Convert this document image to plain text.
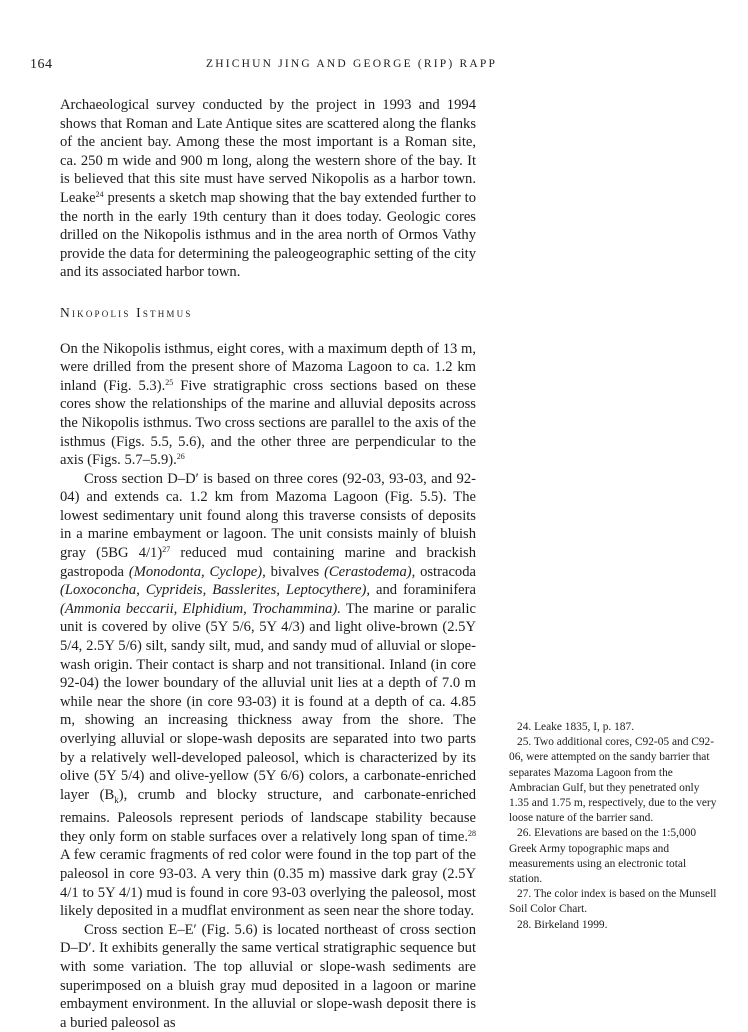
164	ZHICHUN JING AND GEORGE (RIP) RAPP

Archaeological survey conducted by the project in 1993 and 1994 shows that Roman and Late Antique sites are scattered along the flanks of the ancient bay. Among these the most important is a Roman site, ca. 250 m wide and 900 m long, along the western shore of the bay. It is believed that this site must have served Nikopolis as a harbor town. Leake$^{24}$ presents a sketch map showing that the bay extended further to the north in the early 19th century than it does today. Geologic cores drilled on the Nikopolis isthmus and in the area north of Ormos Vathy provide the data for determining the paleogeographic setting of the city and its associated harbor town.

Nikopolis Isthmus

On the Nikopolis isthmus, eight cores, with a maximum depth of 13 m, were drilled from the present shore of Mazoma Lagoon to ca. 1.2 km inland (Fig. 5.3).$^{25}$ Five stratigraphic cross sections based on these cores show the relationships of the marine and alluvial deposits across the Nikopolis isthmus. Two cross sections are parallel to the axis of the isthmus (Figs. 5.5, 5.6), and the other three are perpendicular to the axis (Figs. 5.7–5.9).$^{26}$

Cross section D–D′ is based on three cores (92-03, 93-03, and 92-04) and extends ca. 1.2 km from Mazoma Lagoon (Fig. 5.5). The lowest sedimentary unit found along this traverse consists of deposits in a marine embayment or lagoon. The unit consists mainly of bluish gray (5BG 4/1)$^{27}$ reduced mud containing marine and brackish gastropoda (Monodonta, Cyclope), bivalves (Cerastodema), ostracoda (Loxoconcha, Cyprideis, Basslerites, Leptocythere), and foraminifera (Ammonia beccarii, Elphidium, Trochammina). The marine or paralic unit is covered by olive (5Y 5/6, 5Y 4/3) and light olive-brown (2.5Y 5/4, 2.5Y 5/6) silt, sandy silt, mud, and sandy mud of alluvial or slope-wash origin. Their contact is sharp and not transitional. Inland (in core 92-04) the lower boundary of the alluvial unit lies at a depth of 7.0 m while near the shore (in core 93-03) it is found at a depth of ca. 4.85 m, showing an increasing thickness away from the shore. The overlying alluvial or slope-wash deposits are separated into two parts by a relatively well-developed paleosol, which is characterized by its olive (5Y 5/4) and olive-yellow (5Y 6/6) colors, a carbonate-enriched layer $(B_k)$, crumb and blocky structure, and carbonate-enriched remains. Paleosols represent periods of landscape stability because they only form on stable surfaces over a relatively long span of time.$^{28}$ A few ceramic fragments of red color were found in the top part of the paleosol in core 93-03. A very thin (0.35 m) massive dark gray (2.5Y 4/1 to 5Y 4/1) mud is found in core 93-03 overlying the paleosol, most likely deposited in a mudflat environment as seen near the shore today.

Cross section E–E′ (Fig. 5.6) is located northeast of cross section D–D′. It exhibits generally the same vertical stratigraphic sequence but with some variation. The top alluvial or slope-wash sediments are superimposed on a bluish gray mud deposited in a lagoon or marine embayment environment. In the alluvial or slope-wash deposit there is a buried paleosol as

24. Leake 1835, I, p. 187.

25. Two additional cores, C92-05 and C92-06, were attempted on the sandy barrier that separates Mazoma Lagoon from the Ambracian Gulf, but they penetrated only 1.35 and 1.75 m, respectively, due to the very loose nature of the barrier sand.

26. Elevations are based on the 1:5,000 Greek Army topographic maps and measurements using an electronic total station.

27. The color index is based on the Munsell Soil Color Chart.

28. Birkeland 1999.
